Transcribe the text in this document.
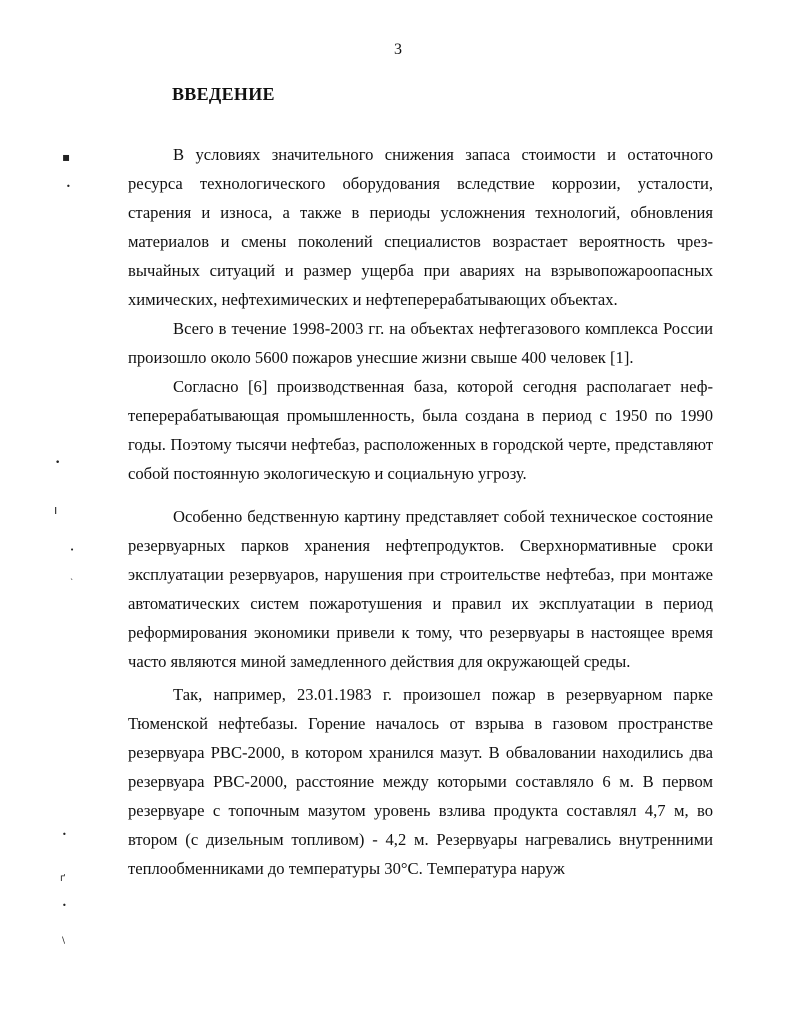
3
ВВЕДЕНИЕ

В условиях значительного снижения запаса стоимости и остаточного ресурса технологического оборудования вследствие коррозии, усталости, старения и износа, а также в периоды усложнения технологий, обновления материалов и смены поколений специалистов возрастает вероятность чрезвычайных ситуаций и размер ущерба при авариях на взрывопожароопасных химических, нефтехимических и нефтеперерабатывающих объектах.

Всего в течение 1998-2003 гг. на объектах нефтегазового комплекса России произошло около 5600 пожаров унесшие жизни свыше 400 человек [1].

Согласно [6] производственная база, которой сегодня располагает нефтеперерабатывающая промышленность, была создана в период с 1950 по 1990 годы. Поэтому тысячи нефтебаз, расположенных в городской черте, представляют собой постоянную экологическую и социальную угрозу.

Особенно бедственную картину представляет собой техническое состояние резервуарных парков хранения нефтепродуктов. Сверхнормативные сроки эксплуатации резервуаров, нарушения при строительстве нефтебаз, при монтаже автоматических систем пожаротушения и правил их эксплуатации в период реформирования экономики привели к тому, что резервуары в настоящее время часто являются миной замедленного действия для окружающей среды.

Так, например, 23.01.1983 г. произошел пожар в резервуарном парке Тюменской нефтебазы. Горение началось от взрыва в газовом пространстве резервуара РВС-2000, в котором хранился мазут. В обваловании находились два резервуара РВС-2000, расстояние между которыми составляло 6 м. В первом резервуаре с топочным мазутом уровень взлива продукта составлял 4,7 м, во втором (с дизельным топливом) - 4,2 м. Резервуары нагревались внутренними теплообменниками до температуры 30°С. Температура наруж

▪
•
•
ı
•
`
•
ґ
•
\
